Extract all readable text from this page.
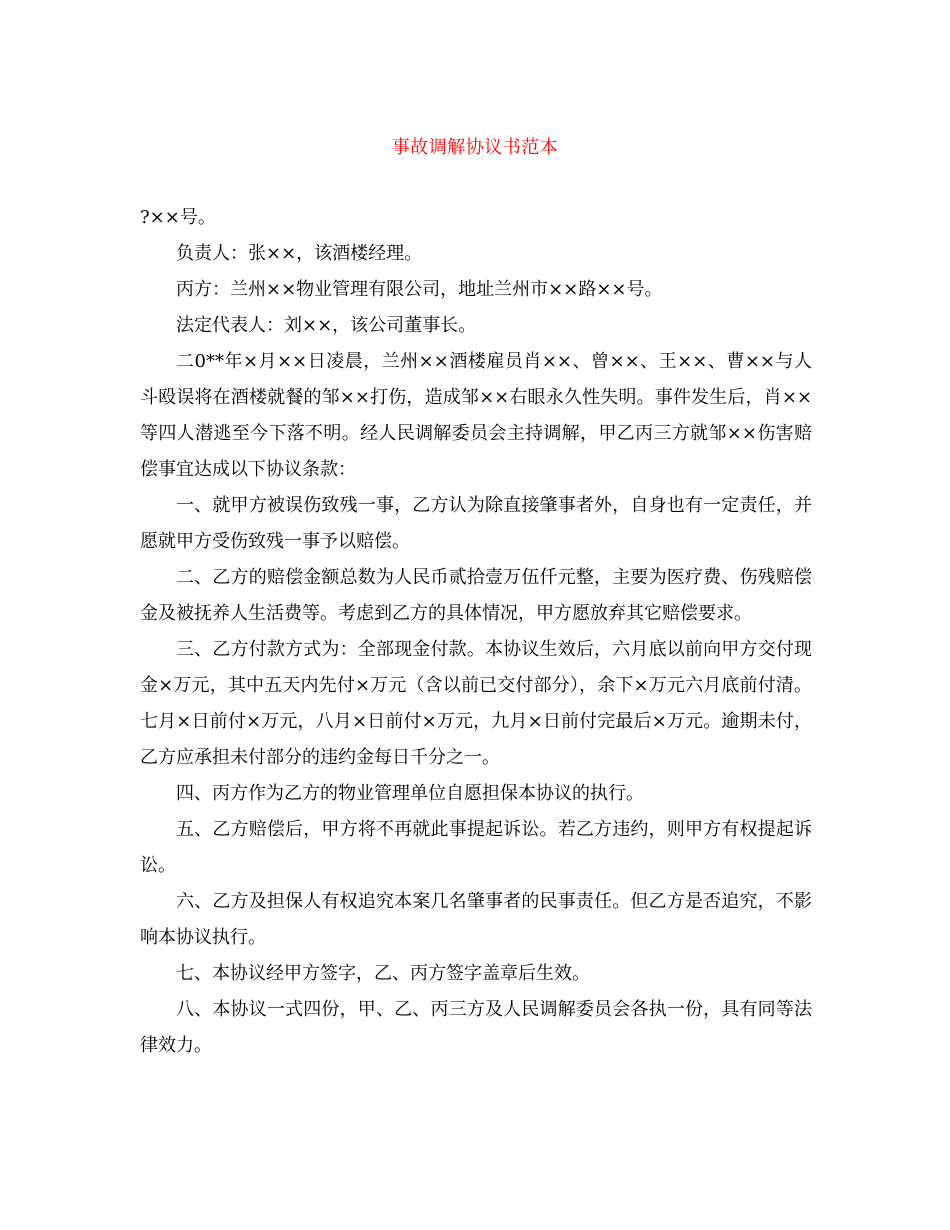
事故调解协议书范本

?××号。

负责人：张××，该酒楼经理。

丙方：兰州××物业管理有限公司，地址兰州市××路××号。

法定代表人：刘××，该公司董事长。

二0**年×月××日凌晨，兰州××酒楼雇员肖××、曾××、王××、曹××与人斗殴误将在酒楼就餐的邹××打伤，造成邹××右眼永久性失明。事件发生后，肖××等四人潜逃至今下落不明。经人民调解委员会主持调解，甲乙丙三方就邹××伤害赔偿事宜达成以下协议条款：

一、就甲方被误伤致残一事，乙方认为除直接肇事者外，自身也有一定责任，并愿就甲方受伤致残一事予以赔偿。

二、乙方的赔偿金额总数为人民币贰拾壹万伍仟元整，主要为医疗费、伤残赔偿金及被抚养人生活费等。考虑到乙方的具体情况，甲方愿放弃其它赔偿要求。

三、乙方付款方式为：全部现金付款。本协议生效后，六月底以前向甲方交付现金×万元，其中五天内先付×万元（含以前已交付部分），余下×万元六月底前付清。七月×日前付×万元，八月×日前付×万元，九月×日前付完最后×万元。逾期未付，乙方应承担未付部分的违约金每日千分之一。

四、丙方作为乙方的物业管理单位自愿担保本协议的执行。

五、乙方赔偿后，甲方将不再就此事提起诉讼。若乙方违约，则甲方有权提起诉讼。

六、乙方及担保人有权追究本案几名肇事者的民事责任。但乙方是否追究，不影响本协议执行。

七、本协议经甲方签字，乙、丙方签字盖章后生效。

八、本协议一式四份，甲、乙、丙三方及人民调解委员会各执一份，具有同等法律效力。
